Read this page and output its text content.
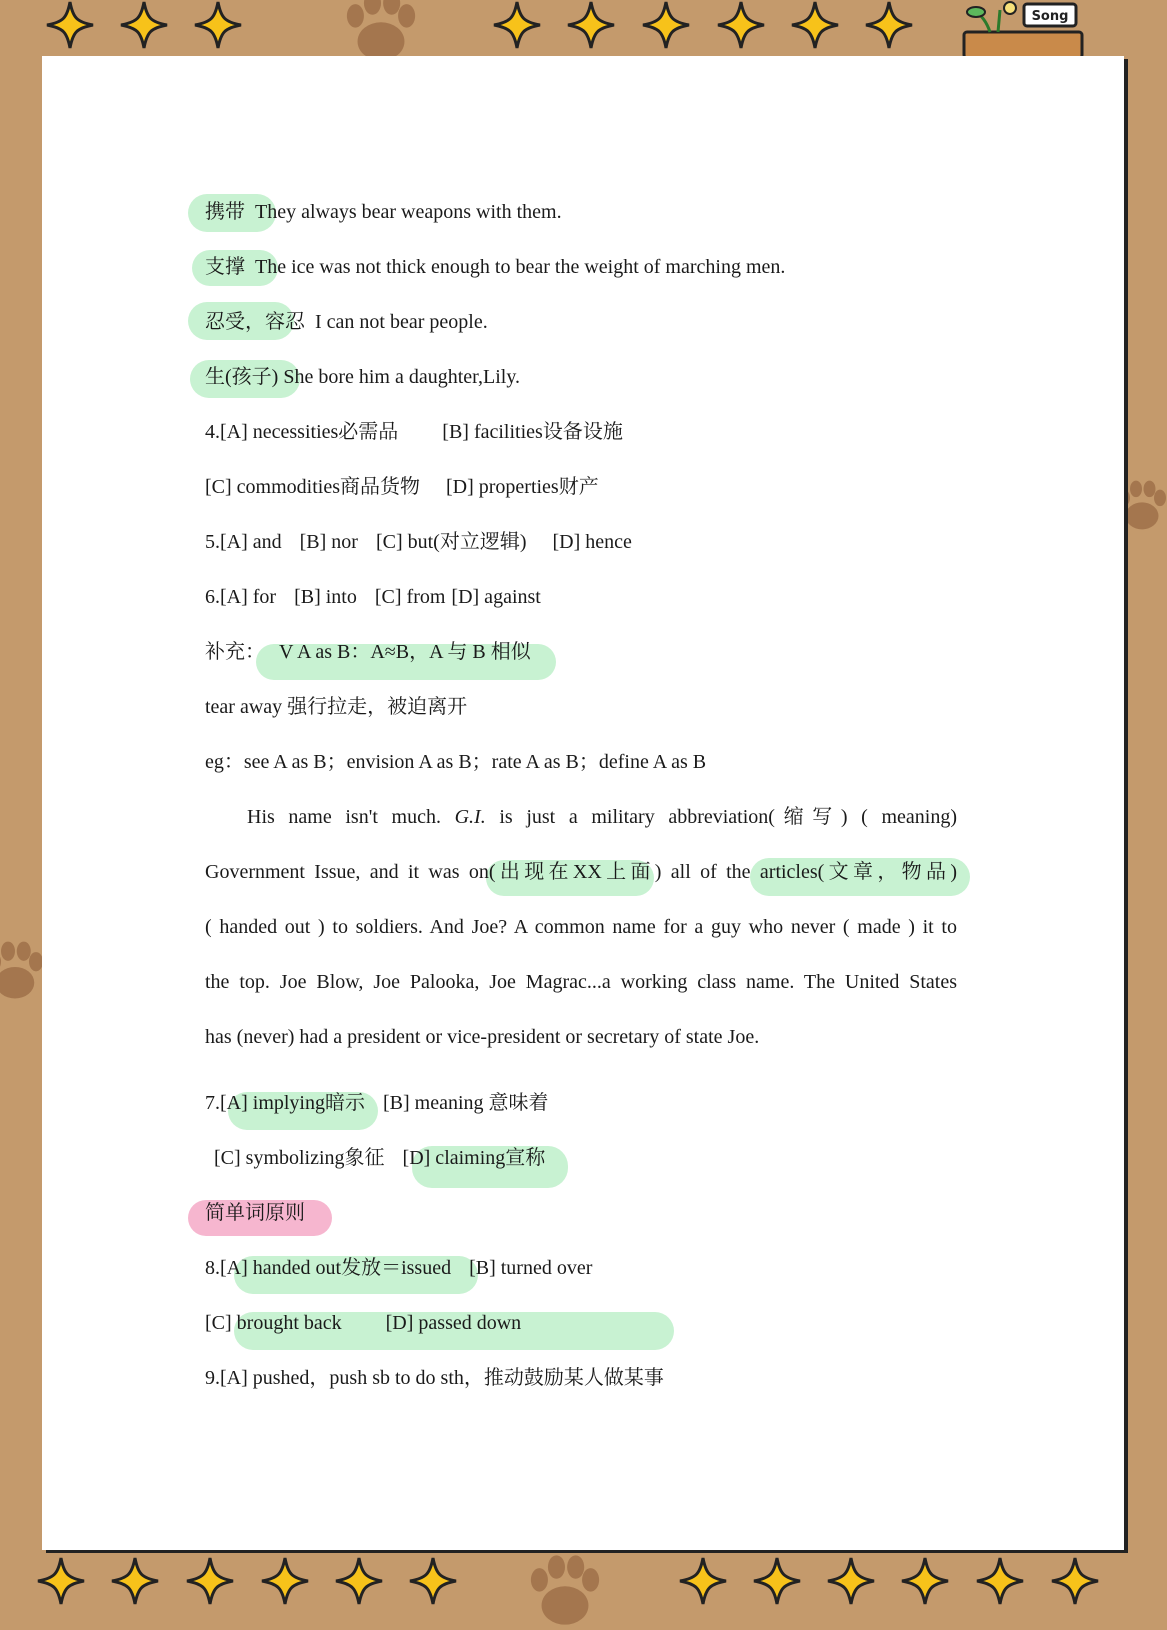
Song
携带 They always bear weapons with them.
支撑 The ice was not thick enough to bear the weight of marching men.
忍受，容忍 I can not bear people.
生(孩子) She bore him a daughter,Lily.
4.[A] necessities必需品 [B] facilities设备设施
[C] commodities商品货物 [D] properties财产
5.[A] and [B] nor [C] but(对立逻辑) [D] hence
6.[A] for [B] into [C] from [D] against
补充： V A as B：A≈B，A 与 B 相似
tear away 强行拉走，被迫离开
eg：see A as B；envision A as B；rate A as B；define A as B
His name isn't much. G.I. is just a military abbreviation(缩写) ( meaning)
Government Issue, and it was on(出现在XX上面) all of the articles(文章，物品)
( handed out ) to soldiers. And Joe? A common name for a guy who never ( made ) it to
the top. Joe Blow, Joe Palooka, Joe Magrac...a working class name. The United States
has (never) had a president or vice-president or secretary of state Joe.
7.[A] implying暗示 [B] meaning 意味着
[C] symbolizing象征 [D] claiming宣称
简单词原则
8.[A] handed out发放＝issued [B] turned over
[C] brought back [D] passed down
9.[A] pushed，push sb to do sth，推动鼓励某人做某事
